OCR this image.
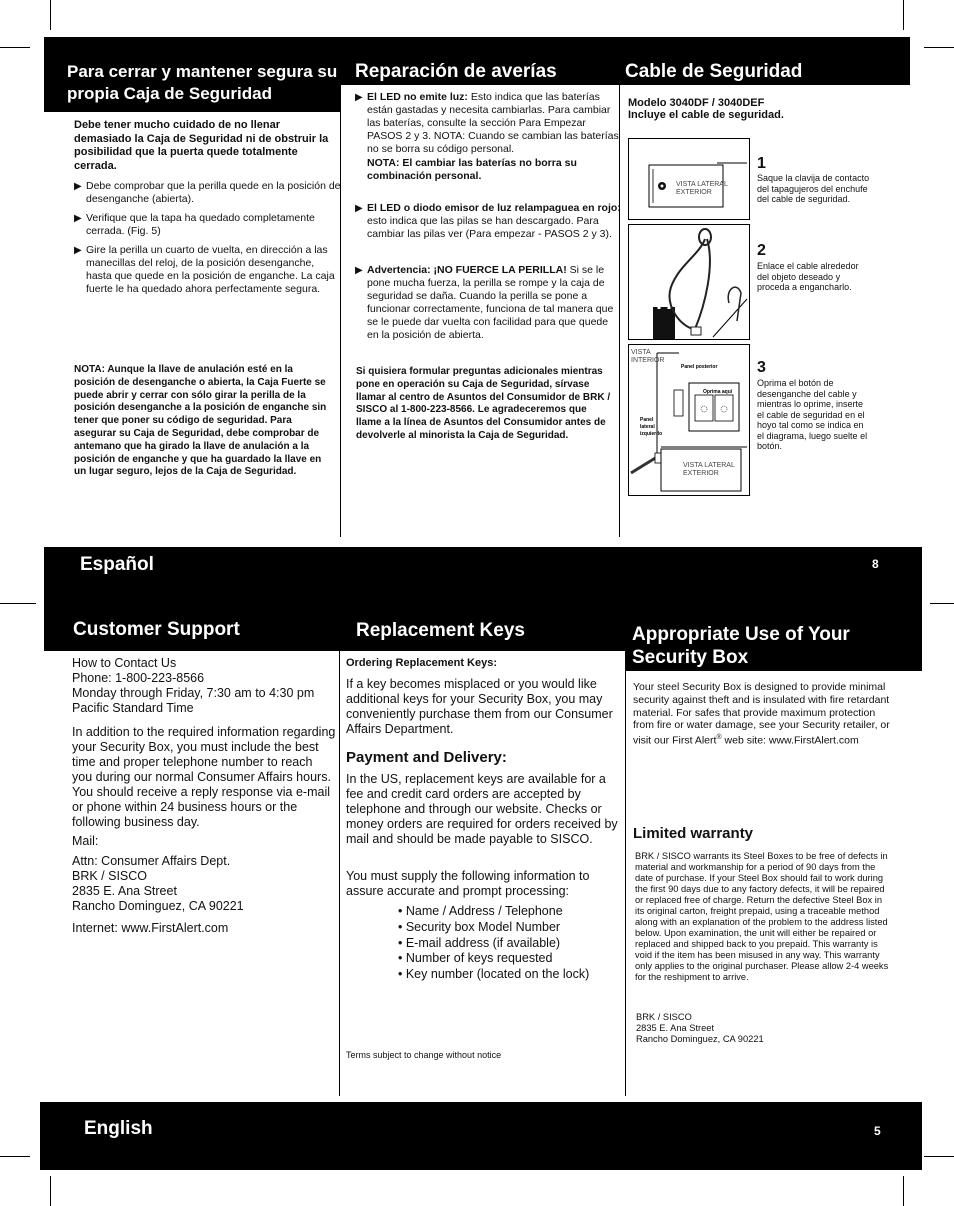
Para cerrar y mantener segura su propia Caja de Seguridad
Reparación de averías	Cable de Seguridad
Debe tener mucho cuidado de no llenar demasiado la Caja de Seguridad ni de obstruir la posibilidad que la puerta quede totalmente cerrada.
▶ Debe comprobar que la perilla quede en la posición de desenganche (abierta).
▶ Verifique que la tapa ha quedado completamente cerrada. (Fig. 5)
▶ Gire la perilla un cuarto de vuelta, en dirección a las manecillas del reloj, de la posición desenganche, hasta que quede en la posición de enganche. La caja fuerte le ha quedado ahora perfectamente segura.
NOTA: Aunque la llave de anulación esté en la posición de desenganche o abierta, la Caja Fuerte se puede abrir y cerrar con sólo girar la perilla de la posición desenganche a la posición de enganche sin tener que poner su código de seguridad. Para asegurar su Caja de Seguridad, debe comprobar de antemano que ha girado la llave de anulación a la posición de enganche y que ha guardado la llave en un lugar seguro, lejos de la Caja de Seguridad.
▶ El LED no emite luz: Esto indica que las baterías están gastadas y necesita cambiarlas. Para cambiar las baterías, consulte la sección Para Empezar PASOS 2 y 3. NOTA: Cuando se cambian las baterías no se borra su código personal.
NOTA: El cambiar las baterías no borra su combinación personal.
▶ El LED o diodo emisor de luz relampaguea en rojo: esto indica que las pilas se han descargado. Para cambiar las pilas ver (Para empezar - PASOS 2 y 3).
▶ Advertencia: ¡NO FUERCE LA PERILLA! Si se le pone mucha fuerza, la perilla se rompe y la caja de seguridad se daña. Cuando la perilla se pone a funcionar correctamente, funciona de tal manera que se le puede dar vuelta con facilidad para que quede en la posición de abierta.
Si quisiera formular preguntas adicionales mientras pone en operación su Caja de Seguridad, sírvase llamar al centro de Asuntos del Consumidor de BRK / SISCO al 1-800-223-8566. Le agradeceremos que llame a la línea de Asuntos del Consumidor antes de devolverle al minorista la Caja de Seguridad.
Modelo 3040DF / 3040DEF
Incluye el cable de seguridad.
VISTA LATERAL EXTERIOR
1
Saque la clavija de contacto del tapagujeros del enchufe del cable de seguridad.
2
Enlace el cable alrededor del objeto deseado y proceda a engancharlo.
VISTA INTERIOR
Panel posterior
Oprima aquí
Panel lateral izquierdo
VISTA LATERAL EXTERIOR
3
Oprima el botón de desenganche del cable y mientras lo oprime, inserte el cable de seguridad en el hoyo tal como se indica en el diagrama, luego suelte el botón.
Español	8
Customer Support	Replacement Keys	Appropriate Use of Your Security Box

How to Contact Us

Phone: 1-800-223-8566

Monday through Friday, 7:30 am to 4:30 pm

Pacific Standard Time

In addition to the required information regarding your Security Box, you must include the best time and proper telephone number to reach you during our normal Consumer Affairs hours. You should receive a reply response via e-mail or phone within 24 business hours or the following business day.
Mail:

Attn: Consumer Affairs Dept.

BRK / SISCO

2835 E. Ana Street

Rancho Dominguez, CA 90221

Internet: www.FirstAlert.com
Ordering Replacement Keys:
If a key becomes misplaced or you would like additional keys for your Security Box, you may conveniently purchase them from our Consumer Affairs Department.
Payment and Delivery:
In the US, replacement keys are available for a fee and credit card orders are accepted by telephone and through our website. Checks or money orders are required for orders received by mail and should be made payable to SISCO.
You must supply the following information to assure accurate and prompt processing:
• Name / Address / Telephone
• Security box Model Number
• E-mail address (if available)
• Number of keys requested
• Key number (located on the lock)
Terms subject to change without notice
Your steel Security Box is designed to provide minimal security against theft and is insulated with fire retardant material. For safes that provide maximum protection from fire or water damage, see your Security retailer, or visit our First Alert® web site: www.FirstAlert.com
Limited warranty
BRK / SISCO warrants its Steel Boxes to be free of defects in material and workmanship for a period of 90 days from the date of purchase. If your Steel Box should fail to work during the first 90 days due to any factory defects, it will be repaired or replaced free of charge. Return the defective Steel Box in its original carton, freight prepaid, using a traceable method along with an explanation of the problem to the address listed below. Upon examination, the unit will either be repaired or replaced and shipped back to you prepaid. This warranty is void if the item has been misused in any way. This warranty only applies to the original purchaser. Please allow 2-4 weeks for the reshipment to arrive.
BRK / SISCO
2835 E. Ana Street
Rancho Dominguez, CA 90221
English	5
